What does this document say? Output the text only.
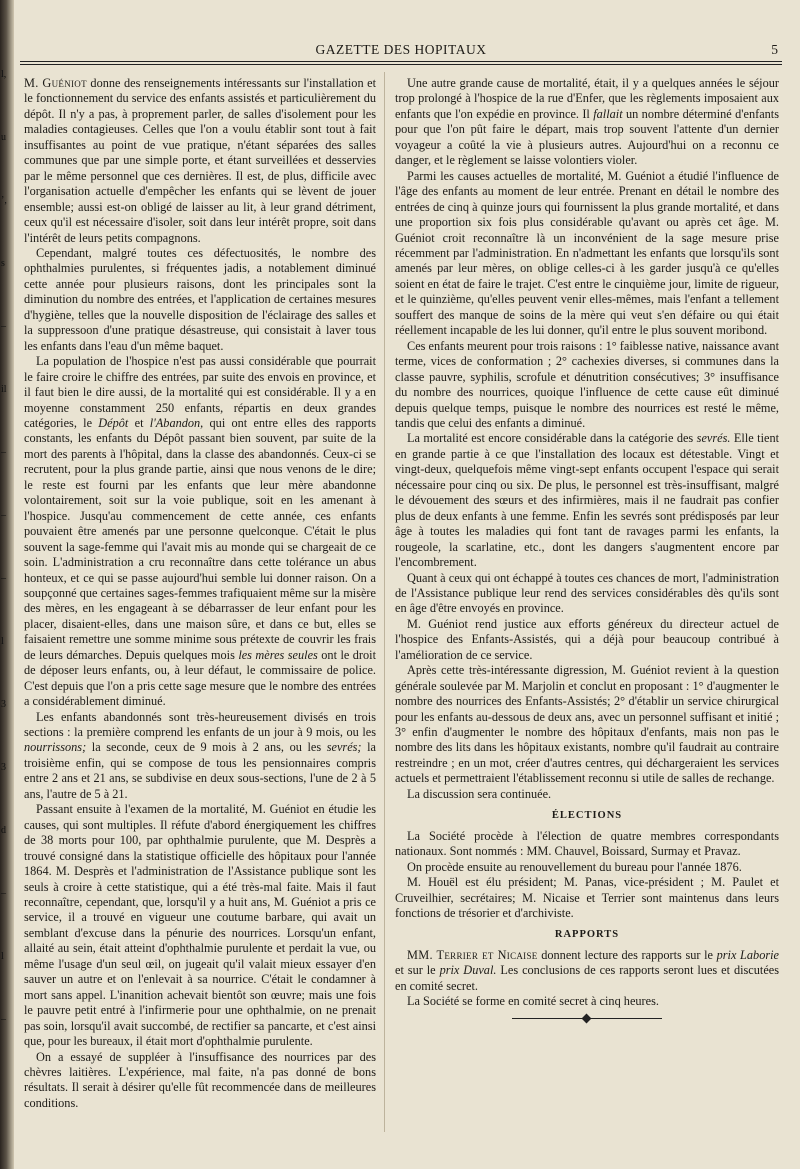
l,
u
’,
s
–
il
–
–
–
l
3
3
d
–
l
–
GAZETTE DES HOPITAUX	5

M. Guéniot donne des renseignements intéressants sur l'installation et le fonctionnement du service des enfants assistés et particulièrement du dépôt. Il n'y a pas, à proprement parler, de salles d'isolement pour les maladies contagieuses. Celles que l'on a voulu établir sont tout à fait insuffisantes au point de vue pratique, n'étant séparées des salles communes que par une simple porte, et étant surveillées et desservies par le même personnel que ces dernières. Il est, de plus, difficile avec l'organisation actuelle d'empêcher les enfants qui se lèvent de jouer ensemble; aussi est-on obligé de laisser au lit, à leur grand détriment, ceux qu'il est nécessaire d'isoler, soit dans leur intérêt propre, soit dans l'intérêt de leurs petits compagnons.

Cependant, malgré toutes ces défectuosités, le nombre des ophthalmies purulentes, si fréquentes jadis, a notablement diminué cette année pour plusieurs raisons, dont les principales sont la diminution du nombre des entrées, et l'application de certaines mesures d'hygiène, telles que la nouvelle disposition de l'éclairage des salles et la suppressoon d'une pratique désastreuse, qui consistait à laver tous les enfants dans l'eau d'un même baquet.

La population de l'hospice n'est pas aussi considérable que pourrait le faire croire le chiffre des entrées, par suite des envois en province, et il faut bien le dire aussi, de la mortalité qui est considérable. Il y a en moyenne constamment 250 enfants, répartis en deux grandes catégories, le Dépôt et l'Abandon, qui ont entre elles des rapports constants, les enfants du Dépôt passant bien souvent, par suite de la mort des parents à l'hôpital, dans la classe des abandonnés. Ceux-ci se recrutent, pour la plus grande partie, ainsi que nous venons de le dire; le reste est fourni par les enfants que leur mère abandonne volontairement, soit sur la voie publique, soit en les amenant à l'hospice. Jusqu'au commencement de cette année, ces enfants pouvaient être amenés par une personne quelconque. C'était le plus souvent la sage-femme qui l'avait mis au monde qui se chargeait de ce soin. L'administration a cru reconnaître dans cette tolérance un abus honteux, et ce qui se passe aujourd'hui semble lui donner raison. On a soupçonné que certaines sages-femmes trafiquaient même sur la misère des mères, en les engageant à se débarrasser de leur enfant pour les placer, disaient-elles, dans une maison sûre, et dans ce but, elles se faisaient remettre une somme minime sous prétexte de couvrir les frais de leurs démarches. Depuis quelques mois les mères seules ont le droit de déposer leurs enfants, ou, à leur défaut, le commissaire de police. C'est depuis que l'on a pris cette sage mesure que le nombre des entrées a considérablement diminué.

Les enfants abandonnés sont très-heureusement divisés en trois sections : la première comprend les enfants de un jour à 9 mois, ou les nourrissons; la seconde, ceux de 9 mois à 2 ans, ou les sevrés; la troisième enfin, qui se compose de tous les pensionnaires compris entre 2 ans et 21 ans, se subdivise en deux sous-sections, l'une de 2 à 5 ans, l'autre de 5 à 21.

Passant ensuite à l'examen de la mortalité, M. Guéniot en étudie les causes, qui sont multiples. Il réfute d'abord énergiquement les chiffres de 38 morts pour 100, par ophthalmie purulente, que M. Desprès a trouvé consigné dans la statistique officielle des hôpitaux pour l'année 1864. M. Desprès et l'administration de l'Assistance publique sont les seuls à croire à cette statistique, qui a été très-mal faite. Mais il faut reconnaître, cependant, que, lorsqu'il y a huit ans, M. Guéniot a pris ce service, il a trouvé en vigueur une coutume barbare, qui avait un semblant d'excuse dans la pénurie des nourrices. Lorsqu'un enfant, allaité au sein, était atteint d'ophthalmie purulente et perdait la vue, ou même l'usage d'un seul œil, on jugeait qu'il valait mieux essayer d'en sauver un autre et on l'enlevait à sa nourrice. C'était le condamner à mort sans appel. L'inanition achevait bientôt son œuvre; mais une fois le pauvre petit entré à l'infirmerie pour une ophthalmie, on ne prenait pas soin, lorsqu'il avait succombé, de rectifier sa pancarte, et c'est ainsi que, pour les bureaux, il était mort d'ophthalmie purulente.

On a essayé de suppléer à l'insuffisance des nourrices par des chèvres laitières. L'expérience, mal faite, n'a pas donné de bons résultats. Il serait à désirer qu'elle fût recommencée dans de meilleures conditions.

Une autre grande cause de mortalité, était, il y a quelques années le séjour trop prolongé à l'hospice de la rue d'Enfer, que les règlements imposaient aux enfants que l'on expédie en province. Il fallait un nombre déterminé d'enfants pour que l'on pût faire le départ, mais trop souvent l'attente d'un dernier voyageur a coûté la vie à plusieurs autres. Aujourd'hui on a reconnu ce danger, et le règlement se laisse volontiers violer.

Parmi les causes actuelles de mortalité, M. Guéniot a étudié l'influence de l'âge des enfants au moment de leur entrée. Prenant en détail le nombre des entrées de cinq à quinze jours qui fournissent la plus grande mortalité, et dans une proportion six fois plus considérable qu'avant ou après cet âge. M. Guéniot croit reconnaître là un inconvénient de la sage mesure prise récemment par l'administration. En n'admettant les enfants que lorsqu'ils sont amenés par leur mères, on oblige celles-ci à les garder jusqu'à ce qu'elles soient en état de faire le trajet. C'est entre le cinquième jour, limite de rigueur, et le quinzième, qu'elles peuvent venir elles-mêmes, mais l'enfant a tellement souffert des manque de soins de la mère qui veut s'en défaire ou qui était réellement incapable de les lui donner, qu'il entre le plus souvent moribond.

Ces enfants meurent pour trois raisons : 1° faiblesse native, naissance avant terme, vices de conformation ; 2° cachexies diverses, si communes dans la classe pauvre, syphilis, scrofule et dénutrition consécutives; 3° insuffisance du nombre des nourrices, quoique l'influence de cette cause eût diminué depuis quelque temps, puisque le nombre des nourrices est resté le même, tandis que celui des enfants a diminué.

La mortalité est encore considérable dans la catégorie des sevrés. Elle tient en grande partie à ce que l'installation des locaux est détestable. Vingt et vingt-deux, quelquefois même vingt-sept enfants occupent l'espace qui serait nécessaire pour cinq ou six. De plus, le personnel est très-insuffisant, malgré le dévouement des sœurs et des infirmières, mais il ne faudrait pas confier plus de deux enfants à une femme. Enfin les sevrés sont prédisposés par leur âge à toutes les maladies qui font tant de ravages parmi les enfants, la rougeole, la scarlatine, etc., dont les dangers s'augmentent encore par l'encombrement.

Quant à ceux qui ont échappé à toutes ces chances de mort, l'administration de l'Assistance publique leur rend des services considérables dès qu'ils sont en âge d'être envoyés en province.

M. Guéniot rend justice aux efforts généreux du directeur actuel de l'hospice des Enfants-Assistés, qui a déjà pour beaucoup contribué à l'amélioration de ce service.

Après cette très-intéressante digression, M. Guéniot revient à la question générale soulevée par M. Marjolin et conclut en proposant : 1° d'augmenter le nombre des nourrices des Enfants-Assistés; 2° d'établir un service chirurgical pour les enfants au-dessous de deux ans, avec un personnel suffisant et initié ; 3° enfin d'augmenter le nombre des hôpitaux d'enfants, mais non pas le nombre des lits dans les hôpitaux existants, nombre qu'il faudrait au contraire restreindre ; en un mot, créer d'autres centres, qui déchargeraient les services actuels et permettraient l'établissement reconnu si utile de salles de rechange.

La discussion sera continuée.

ÉLECTIONS

La Société procède à l'élection de quatre membres correspondants nationaux. Sont nommés : MM. Chauvel, Boissard, Surmay et Pravaz.

On procède ensuite au renouvellement du bureau pour l'année 1876.

M. Houël est élu président; M. Panas, vice-président ; M. Paulet et Cruveilhier, secrétaires; M. Nicaise et Terrier sont maintenus dans leurs fonctions de trésorier et d'archiviste.

RAPPORTS

MM. Terrier et Nicaise donnent lecture des rapports sur le prix Laborie et sur le prix Duval. Les conclusions de ces rapports seront lues et discutées en comité secret.

La Société se forme en comité secret à cinq heures.
